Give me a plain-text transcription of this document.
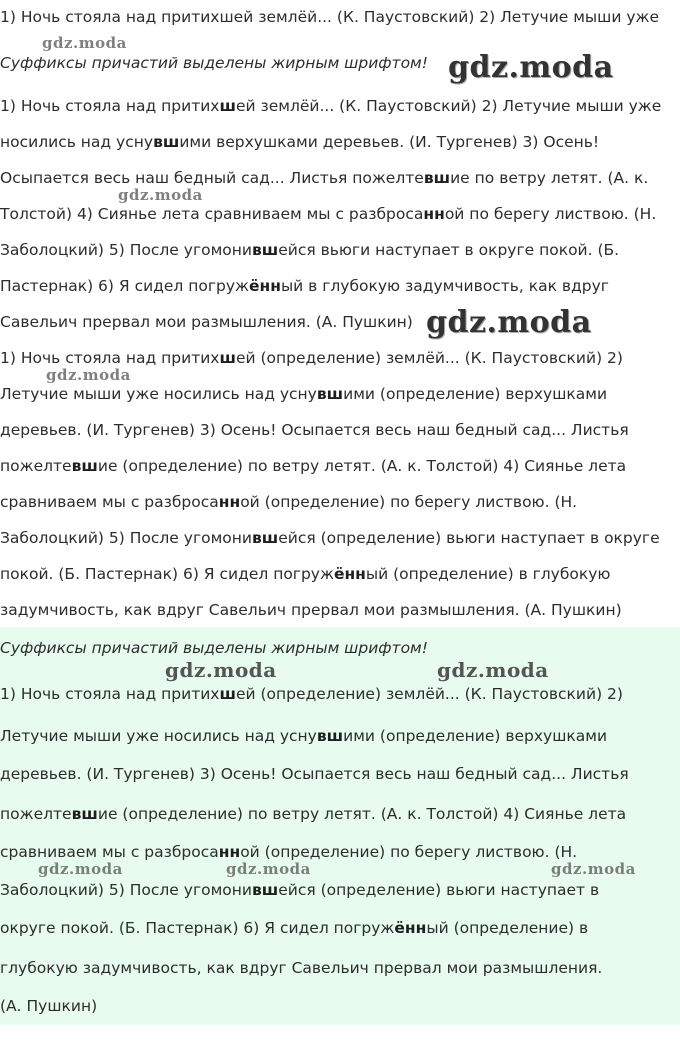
1) Ночь стояла над притихшей землёй... (К. Паустовский) 2) Летучие мыши уже
Суффиксы причастий выделены жирным шрифтом!
1) Ночь стояла над притихшей землёй... (К. Паустовский) 2) Летучие мыши уже
носились над уснувшими верхушками деревьев. (И. Тургенев) 3) Осень!
Осыпается весь наш бедный сад... Листья пожелтевшие по ветру летят. (А. к.
Толстой) 4) Сиянье лета сравниваем мы с разбросанной по берегу листвою. (Н.
Заболоцкий) 5) После угомонившейся вьюги наступает в округе покой. (Б.
Пастернак) 6) Я сидел погружённый в глубокую задумчивость, как вдруг
Савельич прервал мои размышления. (А. Пушкин)
1) Ночь стояла над притихшей (определение) землёй... (К. Паустовский) 2)
Летучие мыши уже носились над уснувшими (определение) верхушками
деревьев. (И. Тургенев) 3) Осень! Осыпается весь наш бедный сад... Листья
пожелтевшие (определение) по ветру летят. (А. к. Толстой) 4) Сиянье лета
сравниваем мы с разбросанной (определение) по берегу листвою. (Н.
Заболоцкий) 5) После угомонившейся (определение) вьюги наступает в округе
покой. (Б. Пастернак) 6) Я сидел погружённый (определение) в глубокую
задумчивость, как вдруг Савельич прервал мои размышления. (А. Пушкин)
Суффиксы причастий выделены жирным шрифтом!
1) Ночь стояла над притихшей (определение) землёй... (К. Паустовский) 2)
Летучие мыши уже носились над уснувшими (определение) верхушками
деревьев. (И. Тургенев) 3) Осень! Осыпается весь наш бедный сад... Листья
пожелтевшие (определение) по ветру летят. (А. к. Толстой) 4) Сиянье лета
сравниваем мы с разбросанной (определение) по берегу листвою. (Н.
Заболоцкий) 5) После угомонившейся (определение) вьюги наступает в
округе покой. (Б. Пастернак) 6) Я сидел погружённый (определение) в
глубокую задумчивость, как вдруг Савельич прервал мои размышления.
(А. Пушкин)
gdz.moda
gdz.moda
gdz.moda
gdz.moda
gdz.moda
gdz.moda	gdz.moda
gdz.moda	gdz.moda	gdz.moda
